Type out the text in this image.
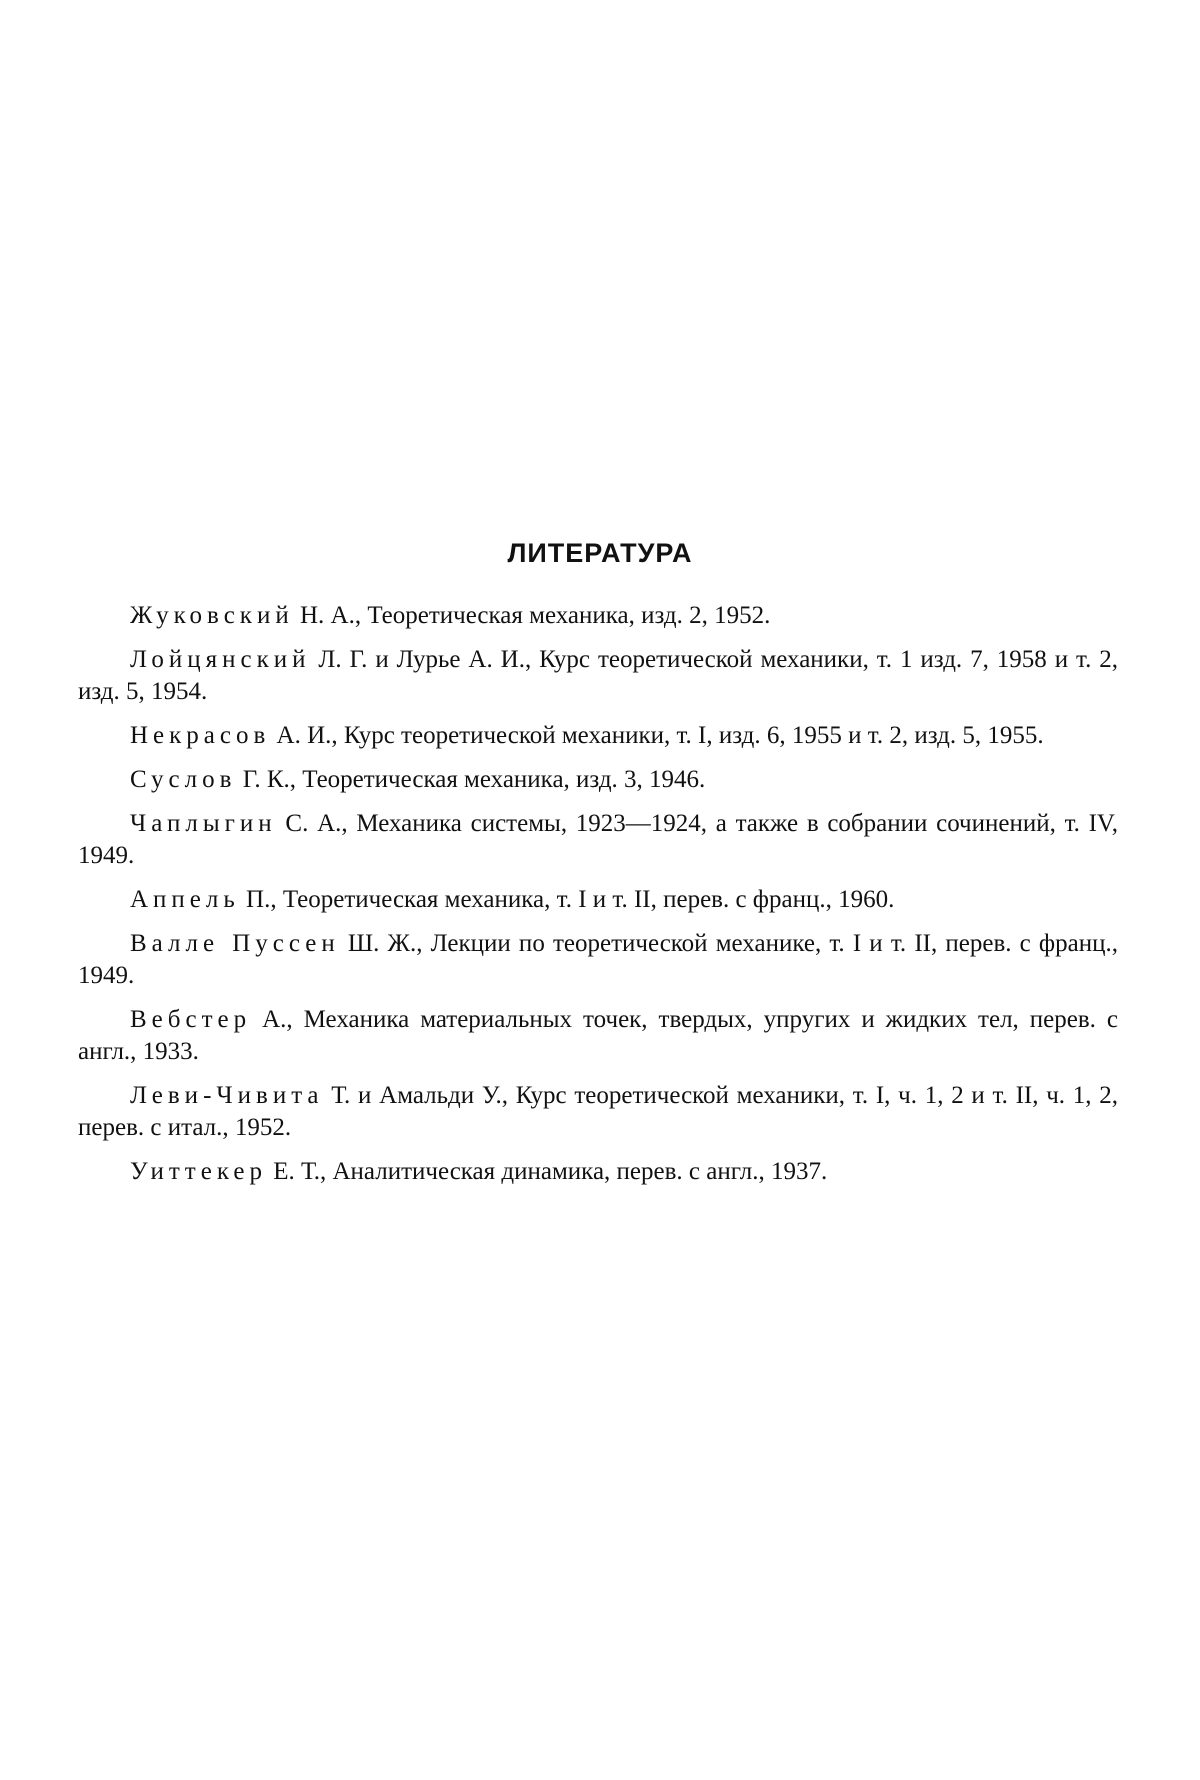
ЛИТЕРАТУРА

Жуковский Н. А., Теоретическая механика, изд. 2, 1952.

Лойцянский Л. Г. и Лурье А. И., Курс теоретической механики, т. 1 изд. 7, 1958 и т. 2, изд. 5, 1954.

Некрасов А. И., Курс теоретической механики, т. I, изд. 6, 1955 и т. 2, изд. 5, 1955.

Суслов Г. К., Теоретическая механика, изд. 3, 1946.

Чаплыгин С. А., Механика системы, 1923—1924, а также в собрании сочинений, т. IV, 1949.

Аппель П., Теоретическая механика, т. I и т. II, перев. с франц., 1960.

Валле Пуссен Ш. Ж., Лекции по теоретической механике, т. I и т. II, перев. с франц., 1949.

Вебстер А., Механика материальных точек, твердых, упругих и жидких тел, перев. с англ., 1933.

Леви-Чивита Т. и Амальди У., Курс теоретической механики, т. I, ч. 1, 2 и т. II, ч. 1, 2, перев. с итал., 1952.

Уиттекер Е. Т., Аналитическая динамика, перев. с англ., 1937.
